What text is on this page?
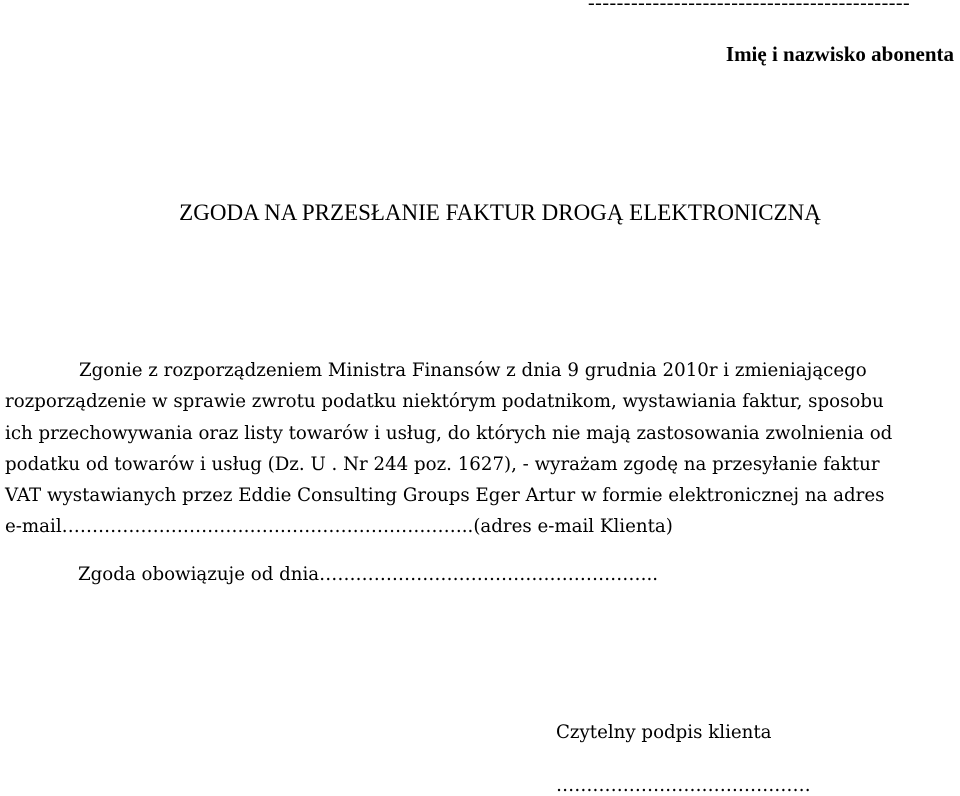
---------------------------------------------
Imię i nazwisko abonenta
ZGODA NA PRZESŁANIE FAKTUR DROGĄ ELEKTRONICZNĄ
Zgonie z rozporządzeniem Ministra Finansów z dnia 9 grudnia 2010r i zmieniającego
rozporządzenie w sprawie zwrotu podatku niektórym podatnikom, wystawiania faktur, sposobu
ich przechowywania oraz listy towarów i usług, do których nie mają zastosowania zwolnienia od
podatku od towarów i usług (Dz. U . Nr 244 poz. 1627), - wyrażam zgodę na przesyłanie faktur
VAT wystawianych przez Eddie Consulting Groups Eger Artur w formie elektronicznej na adres
e-mail…………………………………………………………..(adres e-mail Klienta)
Zgoda obowiązuje od dnia………………………………………………..
Czytelny podpis klienta
……………………………………
